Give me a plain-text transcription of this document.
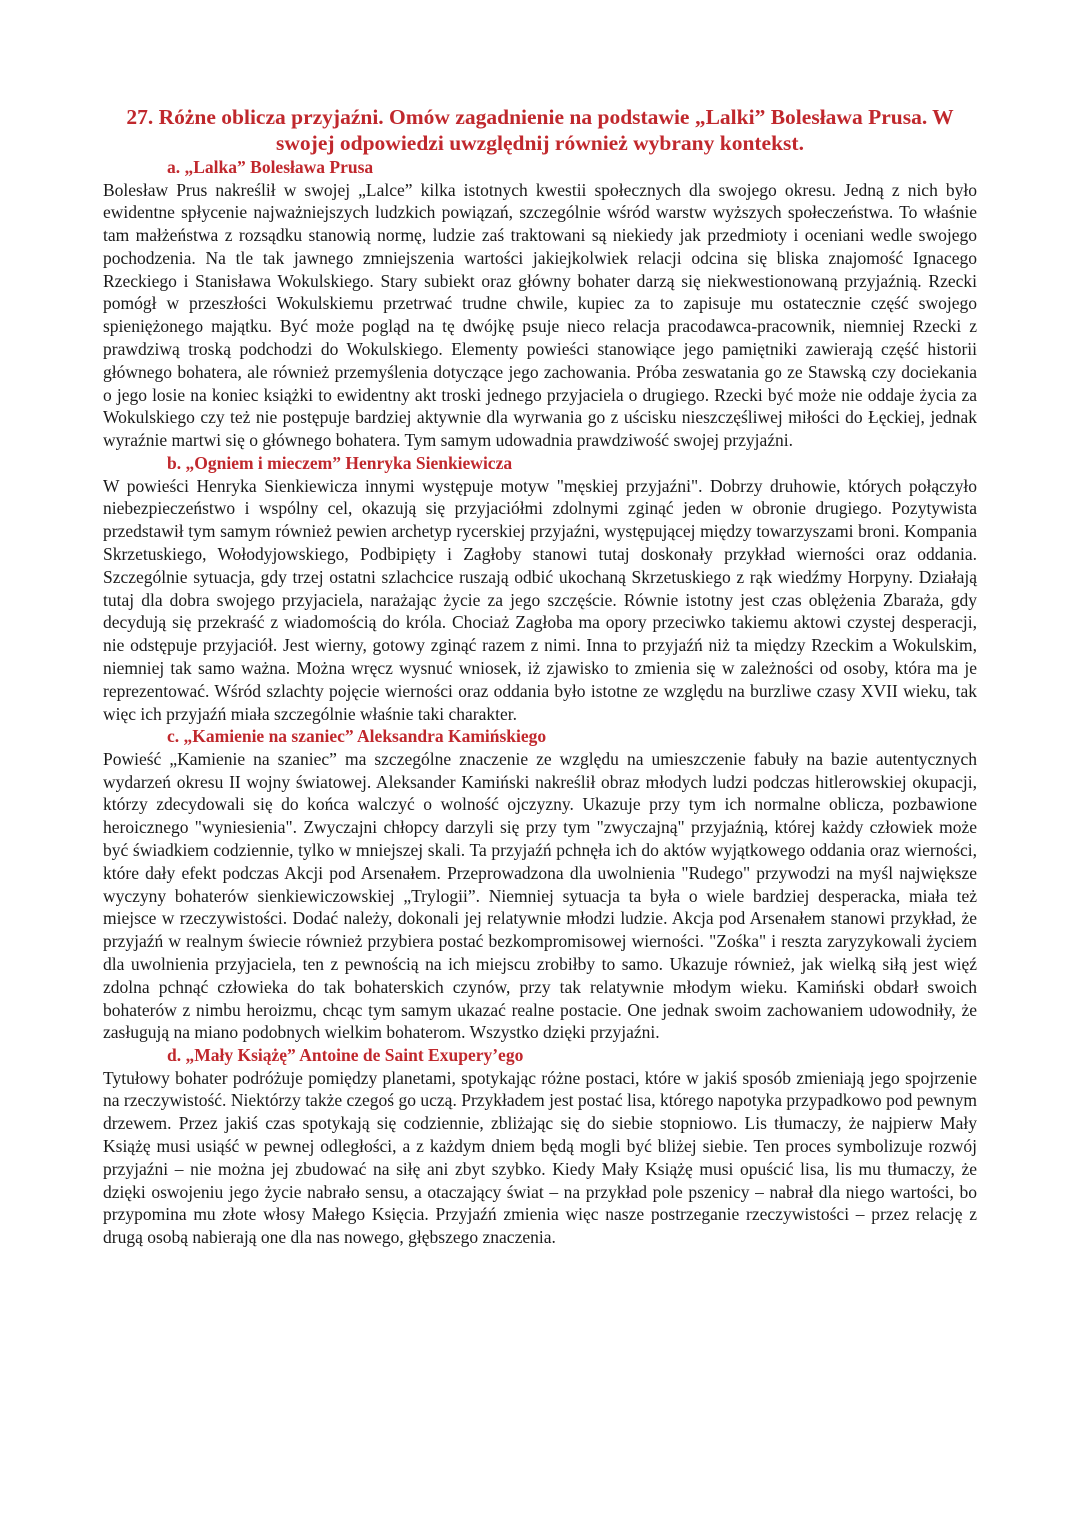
27. Różne oblicza przyjaźni. Omów zagadnienie na podstawie „Lalki” Bolesława Prusa. W swojej odpowiedzi uwzględnij również wybrany kontekst.
a. „Lalka” Bolesława Prusa

Bolesław Prus nakreślił w swojej „Lalce” kilka istotnych kwestii społecznych dla swojego okresu. Jedną z nich było ewidentne spłycenie najważniejszych ludzkich powiązań, szczególnie wśród warstw wyższych społeczeństwa. To właśnie tam małżeństwa z rozsądku stanowią normę, ludzie zaś traktowani są niekiedy jak przedmioty i oceniani wedle swojego pochodzenia. Na tle tak jawnego zmniejszenia wartości jakiejkolwiek relacji odcina się bliska znajomość Ignacego Rzeckiego i Stanisława Wokulskiego. Stary subiekt oraz główny bohater darzą się niekwestionowaną przyjaźnią. Rzecki pomógł w przeszłości Wokulskiemu przetrwać trudne chwile, kupiec za to zapisuje mu ostatecznie część swojego spieniężonego majątku. Być może pogląd na tę dwójkę psuje nieco relacja pracodawca-pracownik, niemniej Rzecki z prawdziwą troską podchodzi do Wokulskiego. Elementy powieści stanowiące jego pamiętniki zawierają część historii głównego bohatera, ale również przemyślenia dotyczące jego zachowania. Próba zeswatania go ze Stawską czy dociekania o jego losie na koniec książki to ewidentny akt troski jednego przyjaciela o drugiego. Rzecki być może nie oddaje życia za Wokulskiego czy też nie postępuje bardziej aktywnie dla wyrwania go z uścisku nieszczęśliwej miłości do Łęckiej, jednak wyraźnie martwi się o głównego bohatera. Tym samym udowadnia prawdziwość swojej przyjaźni.

b. „Ogniem i mieczem” Henryka Sienkiewicza

W powieści Henryka Sienkiewicza innymi występuje motyw "męskiej przyjaźni". Dobrzy druhowie, których połączyło niebezpieczeństwo i wspólny cel, okazują się przyjaciółmi zdolnymi zginąć jeden w obronie drugiego. Pozytywista przedstawił tym samym również pewien archetyp rycerskiej przyjaźni, występującej między towarzyszami broni. Kompania Skrzetuskiego, Wołodyjowskiego, Podbipięty i Zagłoby stanowi tutaj doskonały przykład wierności oraz oddania. Szczególnie sytuacja, gdy trzej ostatni szlachcice ruszają odbić ukochaną Skrzetuskiego z rąk wiedźmy Horpyny. Działają tutaj dla dobra swojego przyjaciela, narażając życie za jego szczęście. Równie istotny jest czas oblężenia Zbaraża, gdy decydują się przekraść z wiadomością do króla. Chociaż Zagłoba ma opory przeciwko takiemu aktowi czystej desperacji, nie odstępuje przyjaciół. Jest wierny, gotowy zginąć razem z nimi. Inna to przyjaźń niż ta między Rzeckim a Wokulskim, niemniej tak samo ważna. Można wręcz wysnuć wniosek, iż zjawisko to zmienia się w zależności od osoby, która ma je reprezentować. Wśród szlachty pojęcie wierności oraz oddania było istotne ze względu na burzliwe czasy XVII wieku, tak więc ich przyjaźń miała szczególnie właśnie taki charakter.

c. „Kamienie na szaniec” Aleksandra Kamińskiego

Powieść „Kamienie na szaniec” ma szczególne znaczenie ze względu na umieszczenie fabuły na bazie autentycznych wydarzeń okresu II wojny światowej. Aleksander Kamiński nakreślił obraz młodych ludzi podczas hitlerowskiej okupacji, którzy zdecydowali się do końca walczyć o wolność ojczyzny. Ukazuje przy tym ich normalne oblicza, pozbawione heroicznego "wyniesienia". Zwyczajni chłopcy darzyli się przy tym "zwyczajną" przyjaźnią, której każdy człowiek może być świadkiem codziennie, tylko w mniejszej skali. Ta przyjaźń pchnęła ich do aktów wyjątkowego oddania oraz wierności, które dały efekt podczas Akcji pod Arsenałem. Przeprowadzona dla uwolnienia "Rudego" przywodzi na myśl największe wyczyny bohaterów sienkiewiczowskiej „Trylogii”. Niemniej sytuacja ta była o wiele bardziej desperacka, miała też miejsce w rzeczywistości. Dodać należy, dokonali jej relatywnie młodzi ludzie. Akcja pod Arsenałem stanowi przykład, że przyjaźń w realnym świecie również przybiera postać bezkompromisowej wierności. "Zośka" i reszta zaryzykowali życiem dla uwolnienia przyjaciela, ten z pewnością na ich miejscu zrobiłby to samo. Ukazuje również, jak wielką siłą jest więź zdolna pchnąć człowieka do tak bohaterskich czynów, przy tak relatywnie młodym wieku. Kamiński obdarł swoich bohaterów z nimbu heroizmu, chcąc tym samym ukazać realne postacie. One jednak swoim zachowaniem udowodniły, że zasługują na miano podobnych wielkim bohaterom. Wszystko dzięki przyjaźni.

d. „Mały Książę” Antoine de Saint Exupery’ego

Tytułowy bohater podróżuje pomiędzy planetami, spotykając różne postaci, które w jakiś sposób zmieniają jego spojrzenie na rzeczywistość. Niektórzy także czegoś go uczą. Przykładem jest postać lisa, którego napotyka przypadkowo pod pewnym drzewem. Przez jakiś czas spotykają się codziennie, zbliżając się do siebie stopniowo. Lis tłumaczy, że najpierw Mały Książę musi usiąść w pewnej odległości, a z każdym dniem będą mogli być bliżej siebie. Ten proces symbolizuje rozwój przyjaźni – nie można jej zbudować na siłę ani zbyt szybko. Kiedy Mały Książę musi opuścić lisa, lis mu tłumaczy, że dzięki oswojeniu jego życie nabrało sensu, a otaczający świat – na przykład pole pszenicy – nabrał dla niego wartości, bo przypomina mu złote włosy Małego Księcia. Przyjaźń zmienia więc nasze postrzeganie rzeczywistości – przez relację z drugą osobą nabierają one dla nas nowego, głębszego znaczenia.
